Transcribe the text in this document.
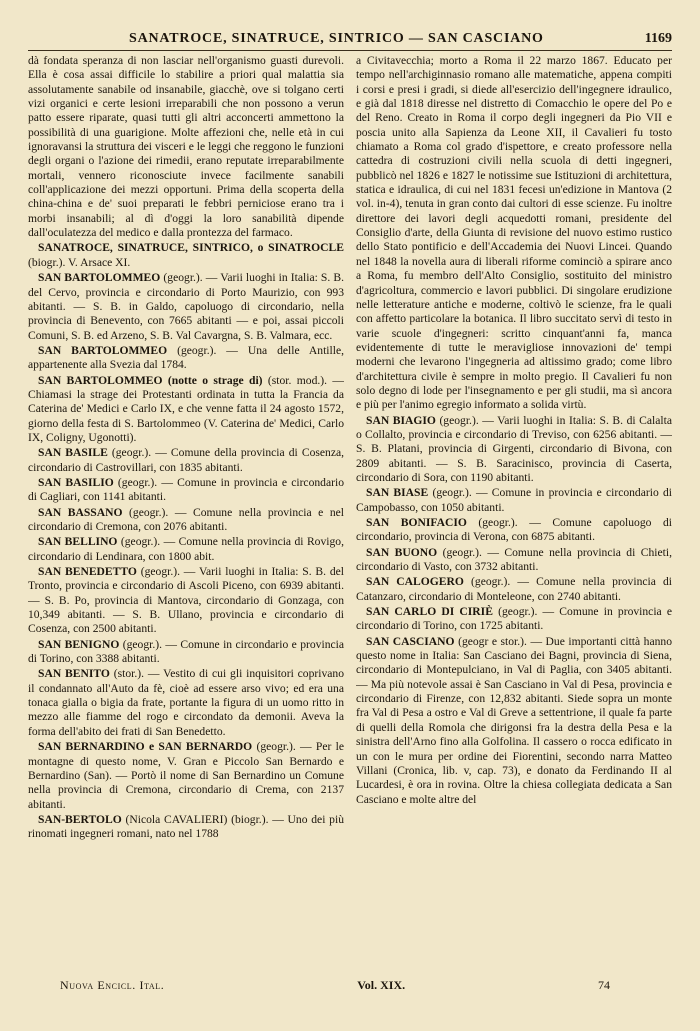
SANATROCE, SINATRUCE, SINTRICO — SAN CASCIANO	1169

dà fondata speranza di non lasciar nell'organismo guasti durevoli. Ella è cosa assai difficile lo stabilire a priori qual malattia sia assolutamente sanabile od insanabile, giacchè, ove si tolgano certi vizi organici e certe lesioni irreparabili che non possono a verun patto essere riparate, quasi tutti gli altri acconcerti ammettono la possibilità di una guarigione. Molte affezioni che, nelle età in cui ignoravansi la struttura dei visceri e le leggi che reggono le funzioni degli organi o l'azione dei rimedii, erano reputate irreparabilmente mortali, vennero riconosciute invece facilmente sanabili coll'applicazione dei mezzi opportuni. Prima della scoperta della china-china e de' suoi preparati le febbri perniciose erano tra i morbi insanabili; al dì d'oggi la loro sanabilità dipende dall'oculatezza del medico e dalla prontezza del farmaco.

SANATROCE, SINATRUCE, SINTRICO, o SINATROCLE (biogr.). V. Arsace XI.

SAN BARTOLOMMEO (geogr.). — Varii luoghi in Italia: S. B. del Cervo, provincia e circondario di Porto Maurizio, con 993 abitanti. — S. B. in Galdo, capoluogo di circondario, nella provincia di Benevento, con 7665 abitanti — e poi, assai piccoli Comuni, S. B. ed Arzeno, S. B. Val Cavargna, S. B. Valmara, ecc.

SAN BARTOLOMMEO (geogr.). — Una delle Antille, appartenente alla Svezia dal 1784.

SAN BARTOLOMMEO (notte o strage di) (stor. mod.). — Chiamasi la strage dei Protestanti ordinata in tutta la Francia da Caterina de' Medici e Carlo IX, e che venne fatta il 24 agosto 1572, giorno della festa di S. Bartolommeo (V. Caterina de' Medici, Carlo IX, Coligny, Ugonotti).

SAN BASILE (geogr.). — Comune della provincia di Cosenza, circondario di Castrovillari, con 1835 abitanti.

SAN BASILIO (geogr.). — Comune in provincia e circondario di Cagliari, con 1141 abitanti.

SAN BASSANO (geogr.). — Comune nella provincia e nel circondario di Cremona, con 2076 abitanti.

SAN BELLINO (geogr.). — Comune nella provincia di Rovigo, circondario di Lendinara, con 1800 abit.

SAN BENEDETTO (geogr.). — Varii luoghi in Italia: S. B. del Tronto, provincia e circondario di Ascoli Piceno, con 6939 abitanti. — S. B. Po, provincia di Mantova, circondario di Gonzaga, con 10,349 abitanti. — S. B. Ullano, provincia e circondario di Cosenza, con 2500 abitanti.

SAN BENIGNO (geogr.). — Comune in circondario e provincia di Torino, con 3388 abitanti.

SAN BENITO (stor.). — Vestito di cui gli inquisitori coprivano il condannato all'Auto da fè, cioè ad essere arso vivo; ed era una tonaca gialla o bigia da frate, portante la figura di un uomo ritto in mezzo alle fiamme del rogo e circondato da demonii. Aveva la forma dell'abito dei frati di San Benedetto.

SAN BERNARDINO e SAN BERNARDO (geogr.). — Per le montagne di questo nome, V. Gran e Piccolo San Bernardo e Bernardino (San). — Portò il nome di San Bernardino un Comune nella provincia di Cremona, circondario di Crema, con 2137 abitanti.

SAN-BERTOLO (Nicola CAVALIERI) (biogr.). — Uno dei più rinomati ingegneri romani, nato nel 1788

a Civitavecchia; morto a Roma il 22 marzo 1867. Educato per tempo nell'archiginnasio romano alle matematiche, appena compiti i corsi e presi i gradi, si diede all'esercizio dell'ingegnere idraulico, e già dal 1818 diresse nel distretto di Comacchio le opere del Po e del Reno. Creato in Roma il corpo degli ingegneri da Pio VII e poscia unito alla Sapienza da Leone XII, il Cavalieri fu tosto chiamato a Roma col grado d'ispettore, e creato professore nella cattedra di costruzioni civili nella scuola di detti ingegneri, pubblicò nel 1826 e 1827 le notissime sue Istituzioni di architettura, statica e idraulica, di cui nel 1831 fecesi un'edizione in Mantova (2 vol. in-4), tenuta in gran conto dai cultori di esse scienze. Fu inoltre direttore dei lavori degli acquedotti romani, presidente del Consiglio d'arte, della Giunta di revisione del nuovo estimo rustico dello Stato pontificio e dell'Accademia dei Nuovi Lincei. Quando nel 1848 la novella aura di liberali riforme cominciò a spirare anco a Roma, fu membro dell'Alto Consiglio, sostituito del ministro d'agricoltura, commercio e lavori pubblici. Di singolare erudizione nelle letterature antiche e moderne, coltivò le scienze, fra le quali con affetto particolare la botanica. Il libro succitato servì di testo in varie scuole d'ingegneri: scritto cinquant'anni fa, manca evidentemente di tutte le meravigliose innovazioni de' tempi moderni che levarono l'ingegneria ad altissimo grado; come libro d'architettura civile è sempre in molto pregio. Il Cavalieri fu non solo degno di lode per l'insegnamento e per gli studii, ma sì ancora e più per l'animo egregio informato a solida virtù.

SAN BIAGIO (geogr.). — Varii luoghi in Italia: S. B. di Calalta o Collalto, provincia e circondario di Treviso, con 6256 abitanti. — S. B. Platani, provincia di Girgenti, circondario di Bivona, con 2809 abitanti. — S. B. Saracinisco, provincia di Caserta, circondario di Sora, con 1190 abitanti.

SAN BIASE (geogr.). — Comune in provincia e circondario di Campobasso, con 1050 abitanti.

SAN BONIFACIO (geogr.). — Comune capoluogo di circondario, provincia di Verona, con 6875 abitanti.

SAN BUONO (geogr.). — Comune nella provincia di Chieti, circondario di Vasto, con 3732 abitanti.

SAN CALOGERO (geogr.). — Comune nella provincia di Catanzaro, circondario di Monteleone, con 2740 abitanti.

SAN CARLO DI CIRIÈ (geogr.). — Comune in provincia e circondario di Torino, con 1725 abitanti.

SAN CASCIANO (geogr e stor.). — Due importanti città hanno questo nome in Italia: San Casciano dei Bagni, provincia di Siena, circondario di Montepulciano, in Val di Paglia, con 3405 abitanti. — Ma più notevole assai è San Casciano in Val di Pesa, provincia e circondario di Firenze, con 12,832 abitanti. Siede sopra un monte fra Val di Pesa a ostro e Val di Greve a settentrione, il quale fa parte di quelli della Romola che dirigonsi fra la destra della Pesa e la sinistra dell'Arno fino alla Golfolina. Il cassero o rocca edificato in un con le mura per ordine dei Fiorentini, secondo narra Matteo Villani (Cronica, lib. v, cap. 73), e donato da Ferdinando II al Lucardesi, è ora in rovina. Oltre la chiesa collegiata dedicata a San Casciano e molte altre del

Nuova Encicl. Ital.	Vol. XIX.	74
